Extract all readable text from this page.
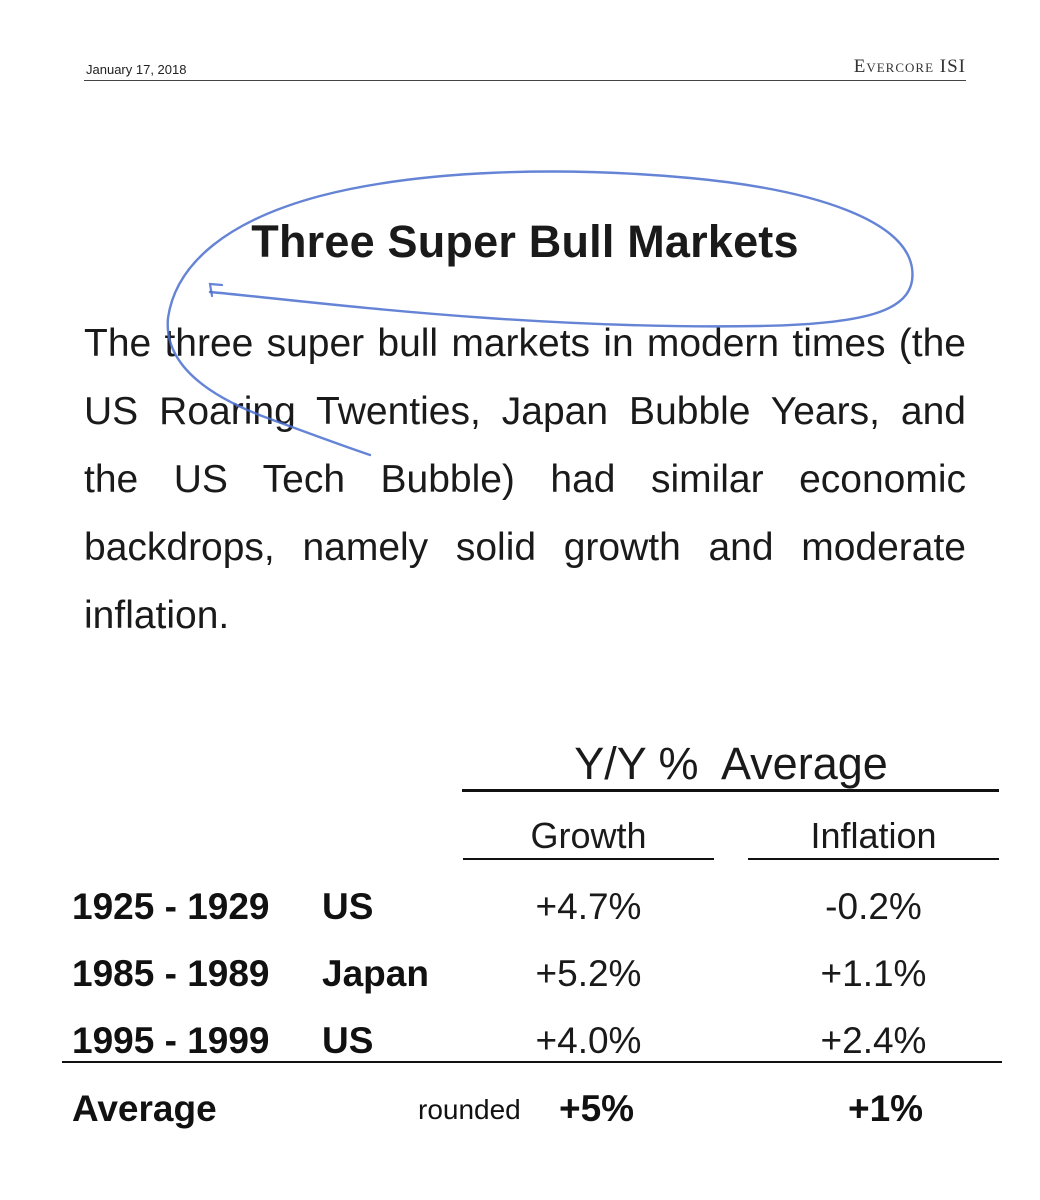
January 17, 2018	Evercore ISI
Three Super Bull Markets
The three super bull markets in modern times (the US Roaring Twenties, Japan Bubble Years, and the US Tech Bubble) had similar economic backdrops, namely solid growth and moderate inflation.
Y/Y %  Average
Growth	Inflation
1925 - 1929 US	+4.7%	-0.2%
1985 - 1989 Japan	+5.2%	+1.1%
1995 - 1999 US	+4.0%	+2.4%
Average	rounded +5%	+1%
